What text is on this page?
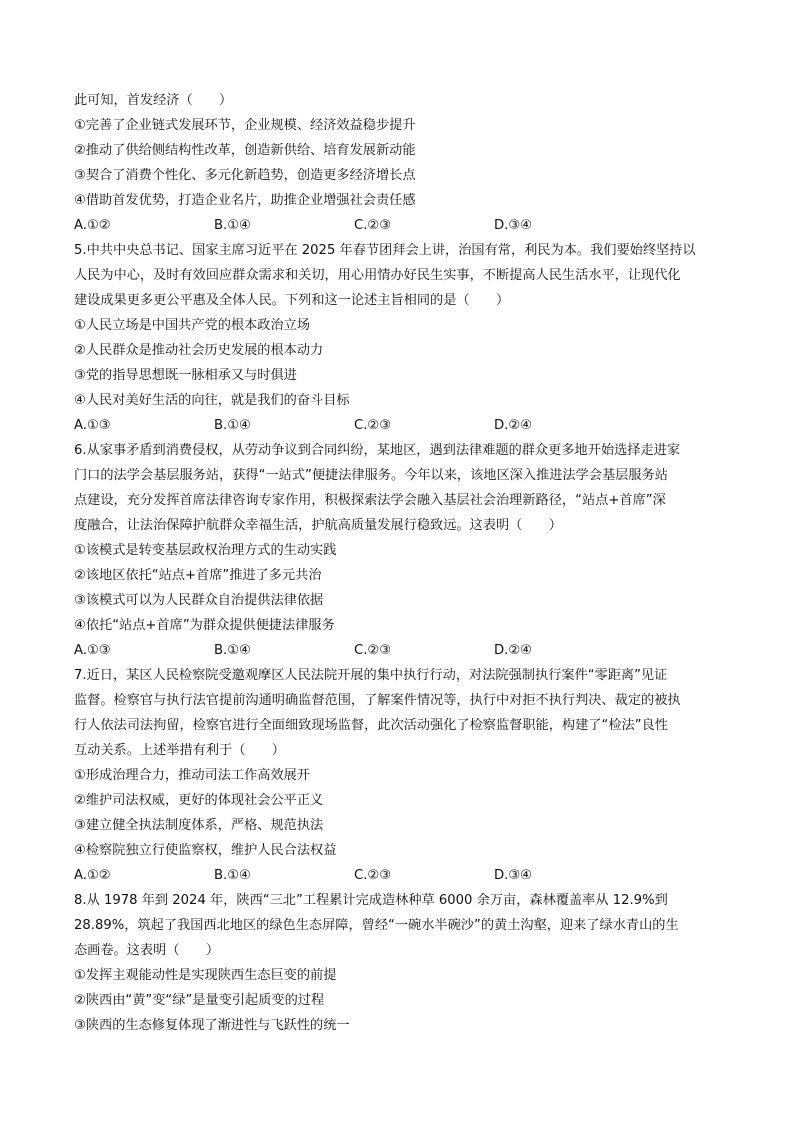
此可知，首发经济（　　）

①完善了企业链式发展环节，企业规模、经济效益稳步提升

②推动了供给侧结构性改革，创造新供给、培育发展新动能

③契合了消费个性化、多元化新趋势，创造更多经济增长点

④借助首发优势，打造企业名片，助推企业增强社会责任感

A.①②	B.①④	C.②③	D.③④

5.中共中央总书记、国家主席习近平在 2025 年春节团拜会上讲，治国有常，利民为本。我们要始终坚持以

人民为中心，及时有效回应群众需求和关切，用心用情办好民生实事，不断提高人民生活水平，让现代化

建设成果更多更公平惠及全体人民。下列和这一论述主旨相同的是（　　）

①人民立场是中国共产党的根本政治立场

②人民群众是推动社会历史发展的根本动力

③党的指导思想既一脉相承又与时俱进

④人民对美好生活的向往，就是我们的奋斗目标

A.①③	B.①④	C.②③	D.②④

6.从家事矛盾到消费侵权，从劳动争议到合同纠纷，某地区，遇到法律难题的群众更多地开始选择走进家

门口的法学会基层服务站，获得“一站式”便捷法律服务。今年以来，该地区深入推进法学会基层服务站

点建设，充分发挥首席法律咨询专家作用，积极探索法学会融入基层社会治理新路径，“站点+首席”深

度融合，让法治保障护航群众幸福生活，护航高质量发展行稳致远。这表明（　　）

①该模式是转变基层政权治理方式的生动实践

②该地区依托“站点+首席”推进了多元共治

③该模式可以为人民群众自治提供法律依据

④依托“站点+首席”为群众提供便捷法律服务

A.①③	B.①④	C.②③	D.②④

7.近日，某区人民检察院受邀观摩区人民法院开展的集中执行行动，对法院强制执行案件“零距离”见证

监督。检察官与执行法官提前沟通明确监督范围，了解案件情况等，执行中对拒不执行判决、裁定的被执

行人依法司法拘留，检察官进行全面细致现场监督，此次活动强化了检察监督职能，构建了“检法”良性

互动关系。上述举措有利于（　　）

①形成治理合力，推动司法工作高效展开

②维护司法权威，更好的体现社会公平正义

③建立健全执法制度体系，严格、规范执法

④检察院独立行使监察权，维护人民合法权益

A.①②	B.①④	C.②③	D.③④

8.从 1978 年到 2024 年，陕西“三北”工程累计完成造林种草 6000 余万亩，森林覆盖率从 12.9%到

28.89%，筑起了我国西北地区的绿色生态屏障，曾经“一碗水半碗沙”的黄土沟壑，迎来了绿水青山的生

态画卷。这表明（　　）

①发挥主观能动性是实现陕西生态巨变的前提

②陕西由“黄”变“绿”是量变引起质变的过程

③陕西的生态修复体现了渐进性与飞跃性的统一
